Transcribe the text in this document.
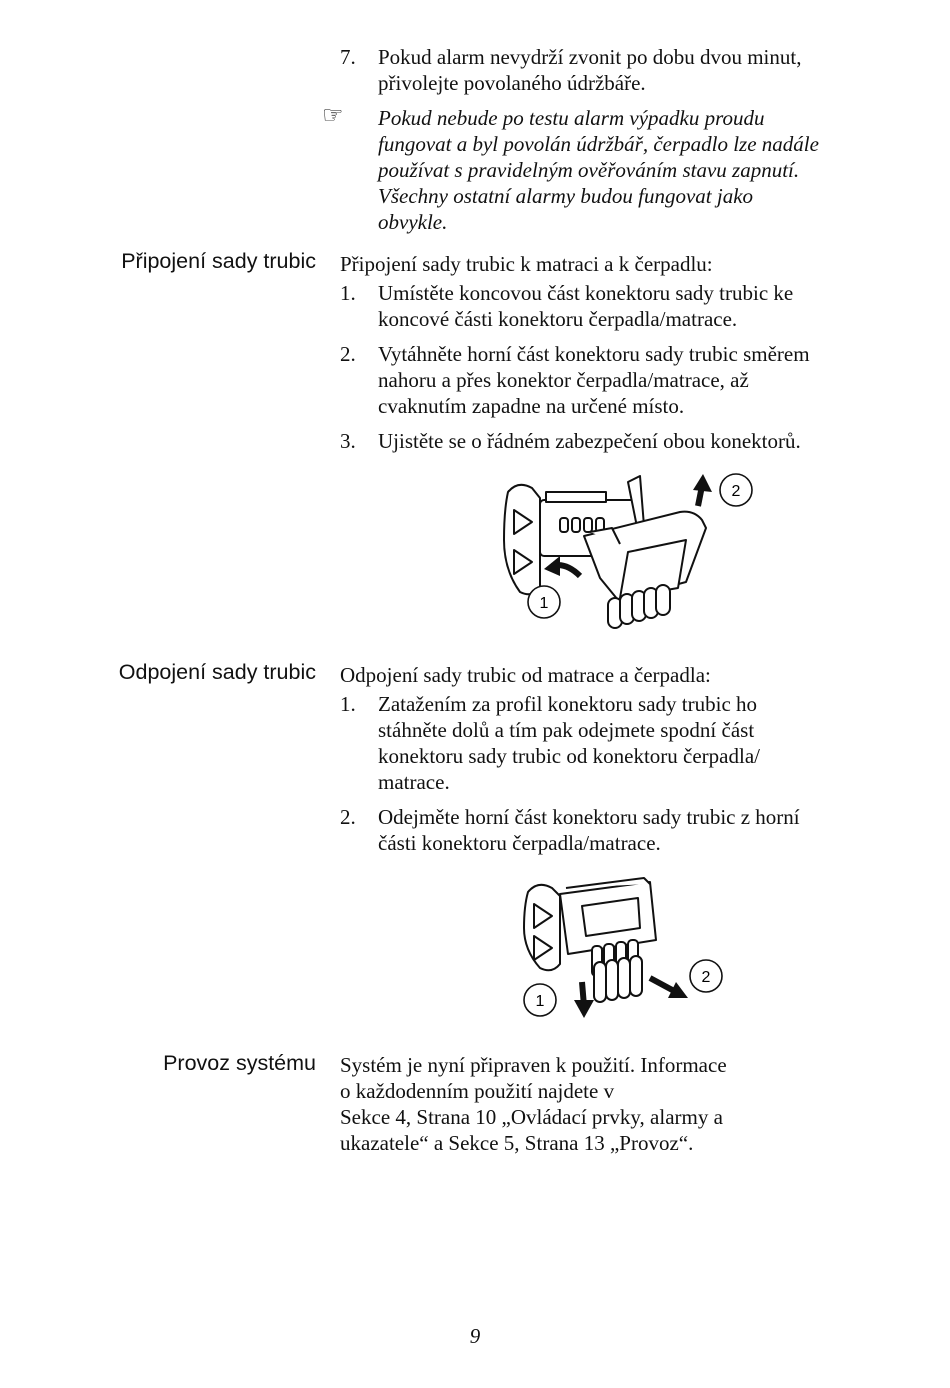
7. Pokud alarm nevydrží zvonit po dobu dvou minut,
přivolejte povolaného údržbáře.
☞ Pokud nebude po testu alarm výpadku proudu
fungovat a byl povolán údržbář, čerpadlo lze nadále
používat s pravidelným ověřováním stavu zapnutí.
Všechny ostatní alarmy budou fungovat jako
obvykle.
Připojení sady trubic Připojení sady trubic k matraci a k čerpadlu:

1. Umístěte koncovou část konektoru sady trubic ke
koncové části konektoru čerpadla/matrace.
2. Vytáhněte horní část konektoru sady trubic směrem
nahoru a přes konektor čerpadla/matrace, až
cvaknutím zapadne na určené místo.
3. Ujistěte se o řádném zabezpečení obou konektorů.
2
1
Odpojení sady trubic Odpojení sady trubic od matrace a čerpadla:

1. Zatažením za profil konektoru sady trubic ho
stáhněte dolů a tím pak odejmete spodní část
konektoru sady trubic od konektoru čerpadla/
matrace.
2. Odejměte horní část konektoru sady trubic z horní
části konektoru čerpadla/matrace.
2
1
Provoz systému Systém je nyní připraven k použití. Informace
o každodenním použití najdete v
Sekce 4, Strana 10 „Ovládací prvky, alarmy a
ukazatele“ a Sekce 5, Strana 13 „Provoz“.
9
